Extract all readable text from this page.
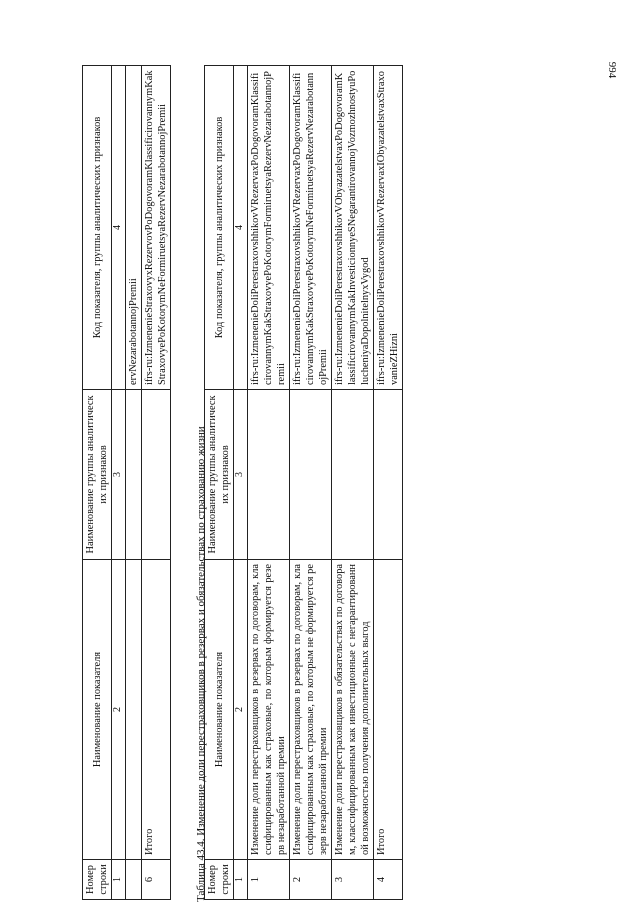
994
Номер строки	Наименование показателя	Наименование группы аналитических признаков	Код показателя, группы аналитических признаков
1	2	3	4
			ervNezarabotannojPremii
6	Итого		ifrs-ru:IzmenenieStraxovyxRezervovPoDogovoramKlassificirovannymKakStraxovyePoKotorymNeFormiruetsyaRezervNezarabotannojPremii
Таблица 43.4. Изменение доли перестраховщиков в резервах и обязательствах по страхованию жизни Номер строки	Наименование показателя	Наименование группы аналитических признаков	Код показателя, группы аналитических признаков
1	2	3	4
1	Изменение доли перестраховщиков в резервах по договорам, классифицированным как страховые, по которым формируется резерв незаработанной премии		ifrs-ru:IzmenenieDoliPerestraxovshhikovVRezervaxPoDogovoramKlassificirovannymKakStraxovyePoKotorymFormiruetsyaRezervNezarabotannojPremii
2	Изменение доли перестраховщиков в резервах по договорам, классифицированным как страховые, по которым не формируется резерв незаработанной премии		ifrs-ru:IzmenenieDoliPerestraxovshhikovVRezervaxPoDogovoramKlassificirovannymKakStraxovyePoKotorymNeFormiruetsyaRezervNezarabotannojPremii
3	Изменение доли перестраховщиков в обязательствах по договорам, классифицированным как инвестиционные с негарантированной возможностью получения дополнительных выгод		ifrs-ru:IzmenenieDoliPerestraxovshhikovVObyazatelstvaxPoDogovoramKlassificirovannymKakInvesticionnyeSNegarantirovannojVozmozhnostyuPolucheniyaDopolnitelnyxVygod
4	Итого		ifrs-ru:IzmenenieDoliPerestraxovshhikovVRezervaxIObyazatelstvaxStraxovanieZHizni
